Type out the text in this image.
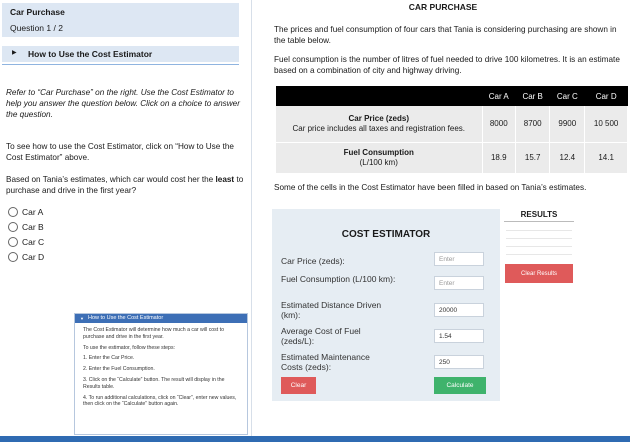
Car Purchase
Question 1 / 2
▶ How to Use the Cost Estimator

Refer to “Car Purchase” on the right. Use the Cost Estimator to help you answer the question below. Click on a choice to answer the question.

To see how to use the Cost Estimator, click on “How to Use the Cost Estimator” above.

Based on Tania’s estimates, which car would cost her the least to purchase and drive in the first year?

Car A
Car B
Car C
Car D
▼ How to Use the Cost Estimator

The Cost Estimator will determine how much a car will cost to purchase and drive in the first year.

To use the estimator, follow these steps:

1. Enter the Car Price.

2. Enter the Fuel Consumption.

3. Click on the “Calculate” button. The result will display in the Results table.

4. To run additional calculations, click on “Clear”, enter new values, then click on the “Calculate” button again.

CAR PURCHASE

The prices and fuel consumption of four cars that Tania is considering purchasing are shown in the table below.

Fuel consumption is the number of litres of fuel needed to drive 100 kilometres. It is an estimate based on a combination of city and highway driving.

	Car A	Car B	Car C	Car D
Car Price (zeds)
Car price includes all taxes and registration fees.	8000	8700	9900	10 500
Fuel Consumption
(L/100 km)	18.9	15.7	12.4	14.1

Some of the cells in the Cost Estimator have been filled in based on Tania’s estimates.

COST ESTIMATOR
Car Price (zeds):
Enter
Fuel Consumption (L/100 km):
Enter
Estimated Distance Driven (km):
20000
Average Cost of Fuel (zeds/L):
1.54
Estimated Maintenance Costs (zeds):
250
Clear	Calculate
RESULTS
Clear Results
